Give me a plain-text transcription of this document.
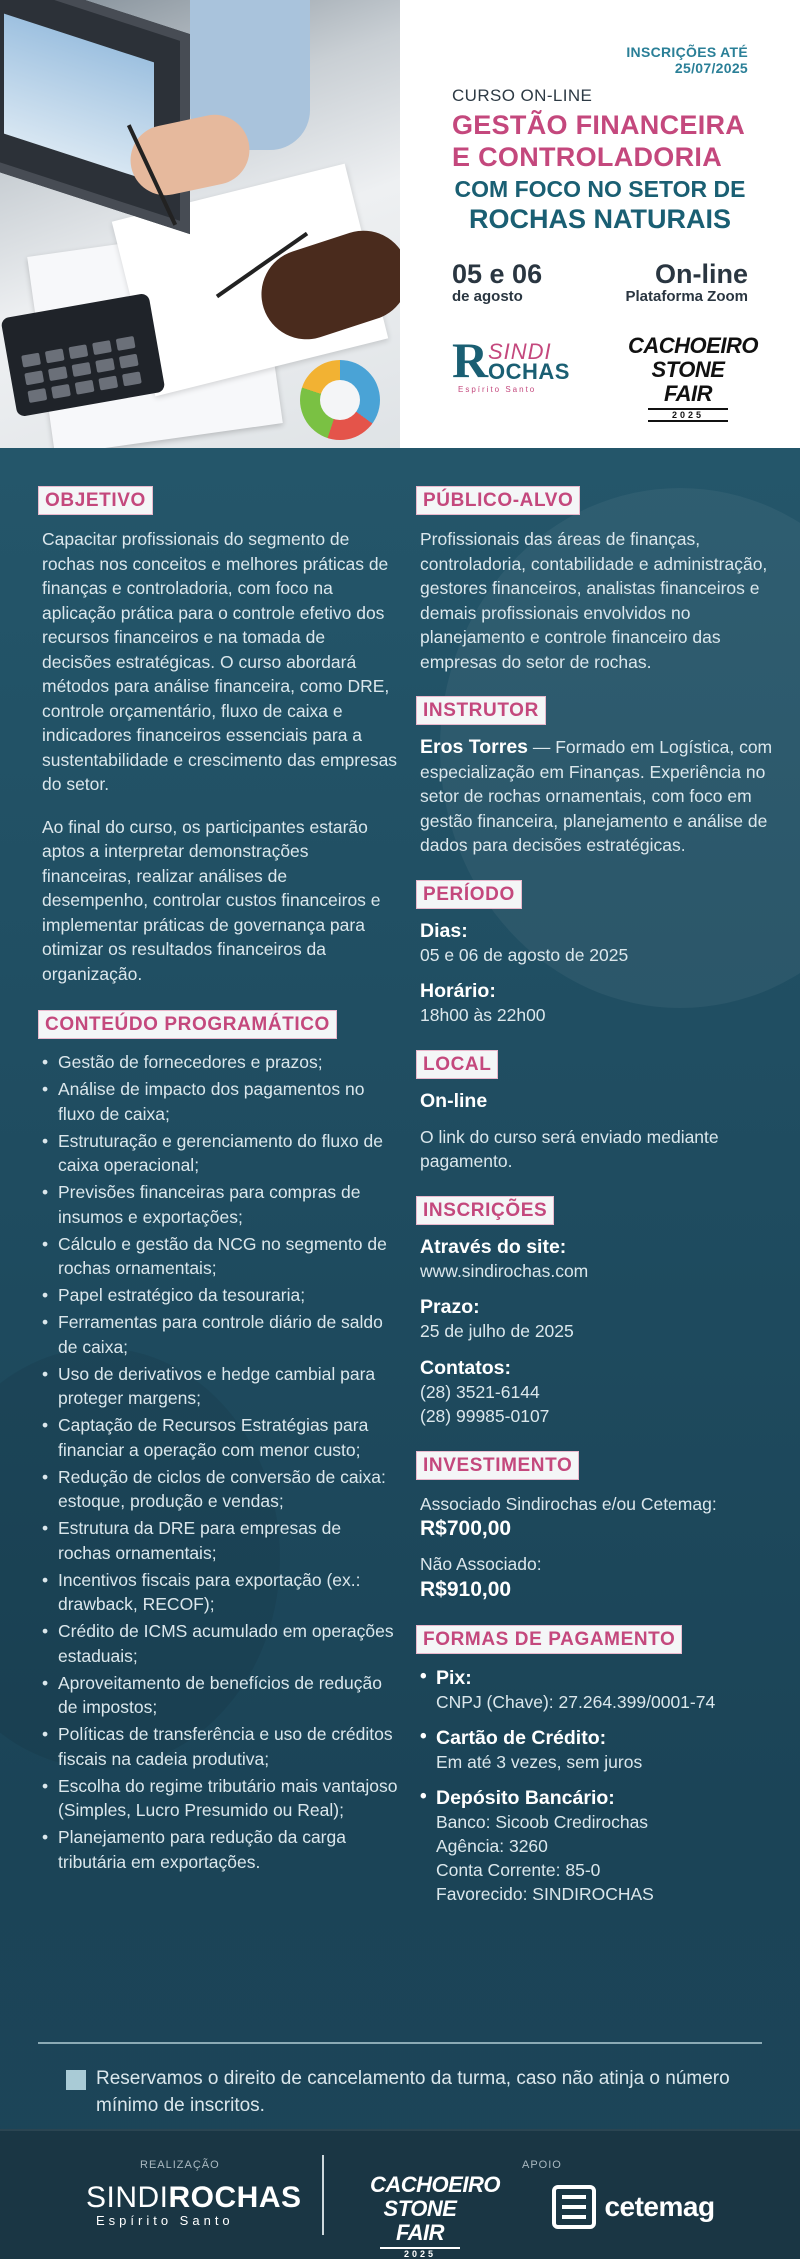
INSCRIÇÕES ATÉ
25/07/2025
CURSO ON-LINE
GESTÃO FINANCEIRA
E CONTROLADORIA
COM FOCO NO SETOR DE
ROCHAS NATURAIS
05 e 06
de agosto
On-line
Plataforma Zoom
R SINDI
OCHAS
Espírito Santo
CACHOEIRO
STONE FAIR
2025
OBJETIVO
Capacitar profissionais do segmento de rochas nos conceitos e melhores práticas de finanças e controladoria, com foco na aplicação prática para o controle efetivo dos recursos financeiros e na tomada de decisões estratégicas. O curso abordará métodos para análise financeira, como DRE, controle orçamentário, fluxo de caixa e indicadores financeiros essenciais para a sustentabilidade e crescimento das empresas do setor.
Ao final do curso, os participantes estarão aptos a interpretar demonstrações financeiras, realizar análises de desempenho, controlar custos financeiros e implementar práticas de governança para otimizar os resultados financeiros da organização.
CONTEÚDO PROGRAMÁTICO
• Gestão de fornecedores e prazos;
• Análise de impacto dos pagamentos no fluxo de caixa;
• Estruturação e gerenciamento do fluxo de caixa operacional;
• Previsões financeiras para compras de insumos e exportações;
• Cálculo e gestão da NCG no segmento de rochas ornamentais;
• Papel estratégico da tesouraria;
• Ferramentas para controle diário de saldo de caixa;
• Uso de derivativos e hedge cambial para proteger margens;
• Captação de Recursos Estratégias para financiar a operação com menor custo;
• Redução de ciclos de conversão de caixa: estoque, produção e vendas;
• Estrutura da DRE para empresas de rochas ornamentais;
• Incentivos fiscais para exportação (ex.: drawback, RECOF);
• Crédito de ICMS acumulado em operações estaduais;
• Aproveitamento de benefícios de redução de impostos;
• Políticas de transferência e uso de créditos fiscais na cadeia produtiva;
• Escolha do regime tributário mais vantajoso (Simples, Lucro Presumido ou Real);
• Planejamento para redução da carga tributária em exportações.
PÚBLICO-ALVO
Profissionais das áreas de finanças, controladoria, contabilidade e administração, gestores financeiros, analistas financeiros e demais profissionais envolvidos no planejamento e controle financeiro das empresas do setor de rochas.
INSTRUTOR
Eros Torres — Formado em Logística, com especialização em Finanças. Experiência no setor de rochas ornamentais, com foco em gestão financeira, planejamento e análise de dados para decisões estratégicas.
PERÍODO
Dias:
05 e 06 de agosto de 2025
Horário:
18h00 às 22h00
LOCAL
On-line
O link do curso será enviado mediante pagamento.
INSCRIÇÕES
Através do site:
www.sindirochas.com
Prazo:
25 de julho de 2025
Contatos:
(28) 3521-6144
(28) 99985-0107
INVESTIMENTO
Associado Sindirochas e/ou Cetemag:
R$700,00
Não Associado:
R$910,00
FORMAS DE PAGAMENTO
• Pix:
CNPJ (Chave): 27.264.399/0001-74
• Cartão de Crédito:
Em até 3 vezes, sem juros
• Depósito Bancário:
Banco: Sicoob Credirochas
Agência: 3260
Conta Corrente: 85-0
Favorecido: SINDIROCHAS
Reservamos o direito de cancelamento da turma, caso não atinja o número mínimo de inscritos.
REALIZAÇÃO
SINDIROCHAS
Espírito Santo
CACHOEIRO
STONE FAIR
2025
APOIO
cetemag
